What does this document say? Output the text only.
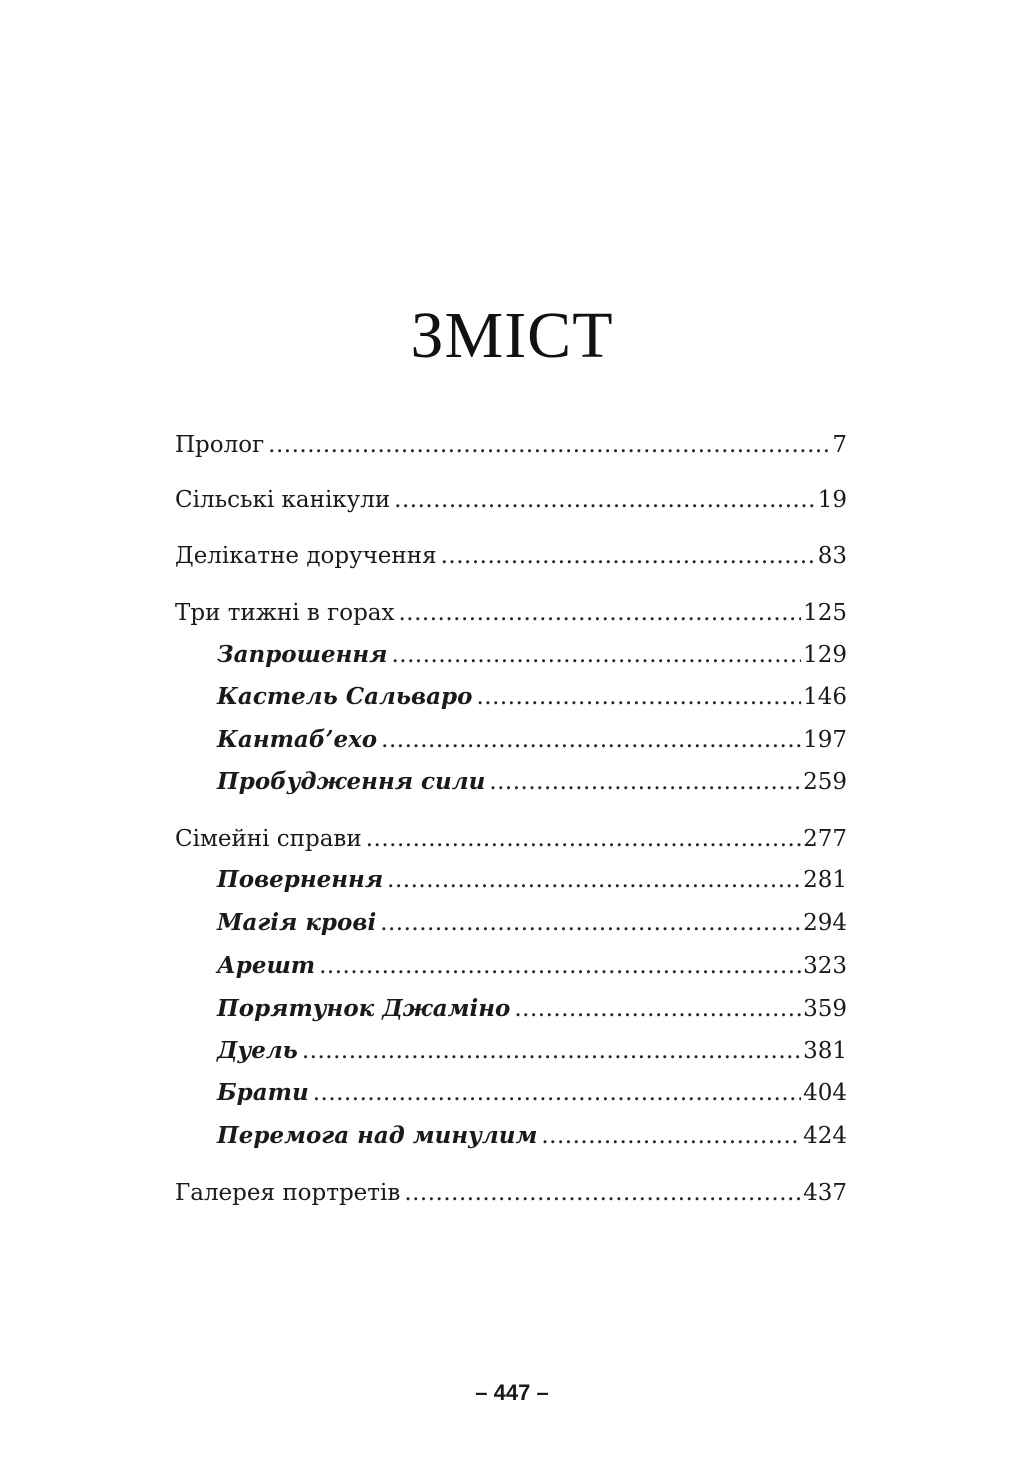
ЗМІСТ
Пролог .....	7
Сільські канікули .....	19
Делікатне доручення .....	83
Три тижні в горах .....	125
Запрошення .....	129
Кастель Сальваро .....	146
Кантаб’ехо .....	197
Пробудження сили .....	259
Сімейні справи .....	277
Повернення .....	281
Магія крові .....	294
Арешт .....	323
Порятунок Джаміно .....	359
Дуель .....	381
Брати .....	404
Перемога над минулим .....	424
Галерея портретів .....	437
– 447 –
